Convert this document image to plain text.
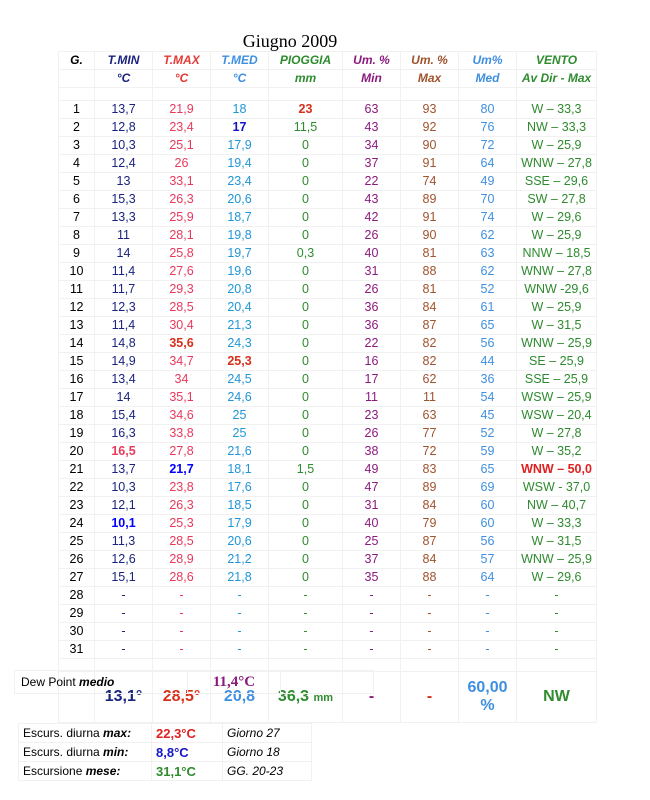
Giugno 2009
G.	T.MIN	T.MAX	T.MED	PIOGGIA	Um. %	Um. %	Um%	VENTO
	°C	°C	°C	mm	Min	Max	Med	Av Dir - Max

1	13,7	21,9	18	23	63	93	80	W – 33,3
2	12,8	23,4	17	11,5	43	92	76	NW – 33,3
3	10,3	25,1	17,9	0	34	90	72	W – 25,9
4	12,4	26	19,4	0	37	91	64	WNW – 27,8
5	13	33,1	23,4	0	22	74	49	SSE – 29,6
6	15,3	26,3	20,6	0	43	89	70	SW – 27,8
7	13,3	25,9	18,7	0	42	91	74	W – 29,6
8	11	28,1	19,8	0	26	90	62	W – 25,9
9	14	25,8	19,7	0,3	40	81	63	NNW – 18,5
10	11,4	27,6	19,6	0	31	88	62	WNW – 27,8
11	11,7	29,3	20,8	0	26	81	52	WNW -29,6
12	12,3	28,5	20,4	0	36	84	61	W – 25,9
13	11,4	30,4	21,3	0	36	87	65	W – 31,5
14	14,8	35,6	24,3	0	22	82	56	WNW – 25,9
15	14,9	34,7	25,3	0	16	82	44	SE – 25,9
16	13,4	34	24,5	0	17	62	36	SSE – 25,9
17	14	35,1	24,6	0	11	11	54	WSW – 25,9
18	15,4	34,6	25	0	23	63	45	WSW – 20,4
19	16,3	33,8	25	0	26	77	52	W – 27,8
20	16,5	27,8	21,6	0	38	72	59	W – 35,2
21	13,7	21,7	18,1	1,5	49	83	65	WNW – 50,0
22	10,3	23,8	17,6	0	47	89	69	WSW - 37,0
23	12,1	26,3	18,5	0	31	84	60	NW – 40,7
24	10,1	25,3	17,9	0	40	79	60	W – 33,3
25	11,3	28,5	20,6	0	25	87	56	W – 31,5
26	12,6	28,9	21,2	0	37	84	57	WNW – 25,9
27	15,1	28,6	21,8	0	35	88	64	W – 29,6
28	-	-	-	-	-	-	-	-
29	-	-	-	-	-	-	-	-
30	-	-	-	-	-	-	-	-
31	-	-	-	-	-	-	-	-

	13,1°	28,5°	20,8	36,3 mm	-	-	60,00 %	NW
Dew Point medio	11,4°C	
Escurs. diurna max:	22,3°C	Giorno 27
Escurs. diurna min:	8,8°C	Giorno 18
Escursione mese:	31,1°C	GG. 20-23
